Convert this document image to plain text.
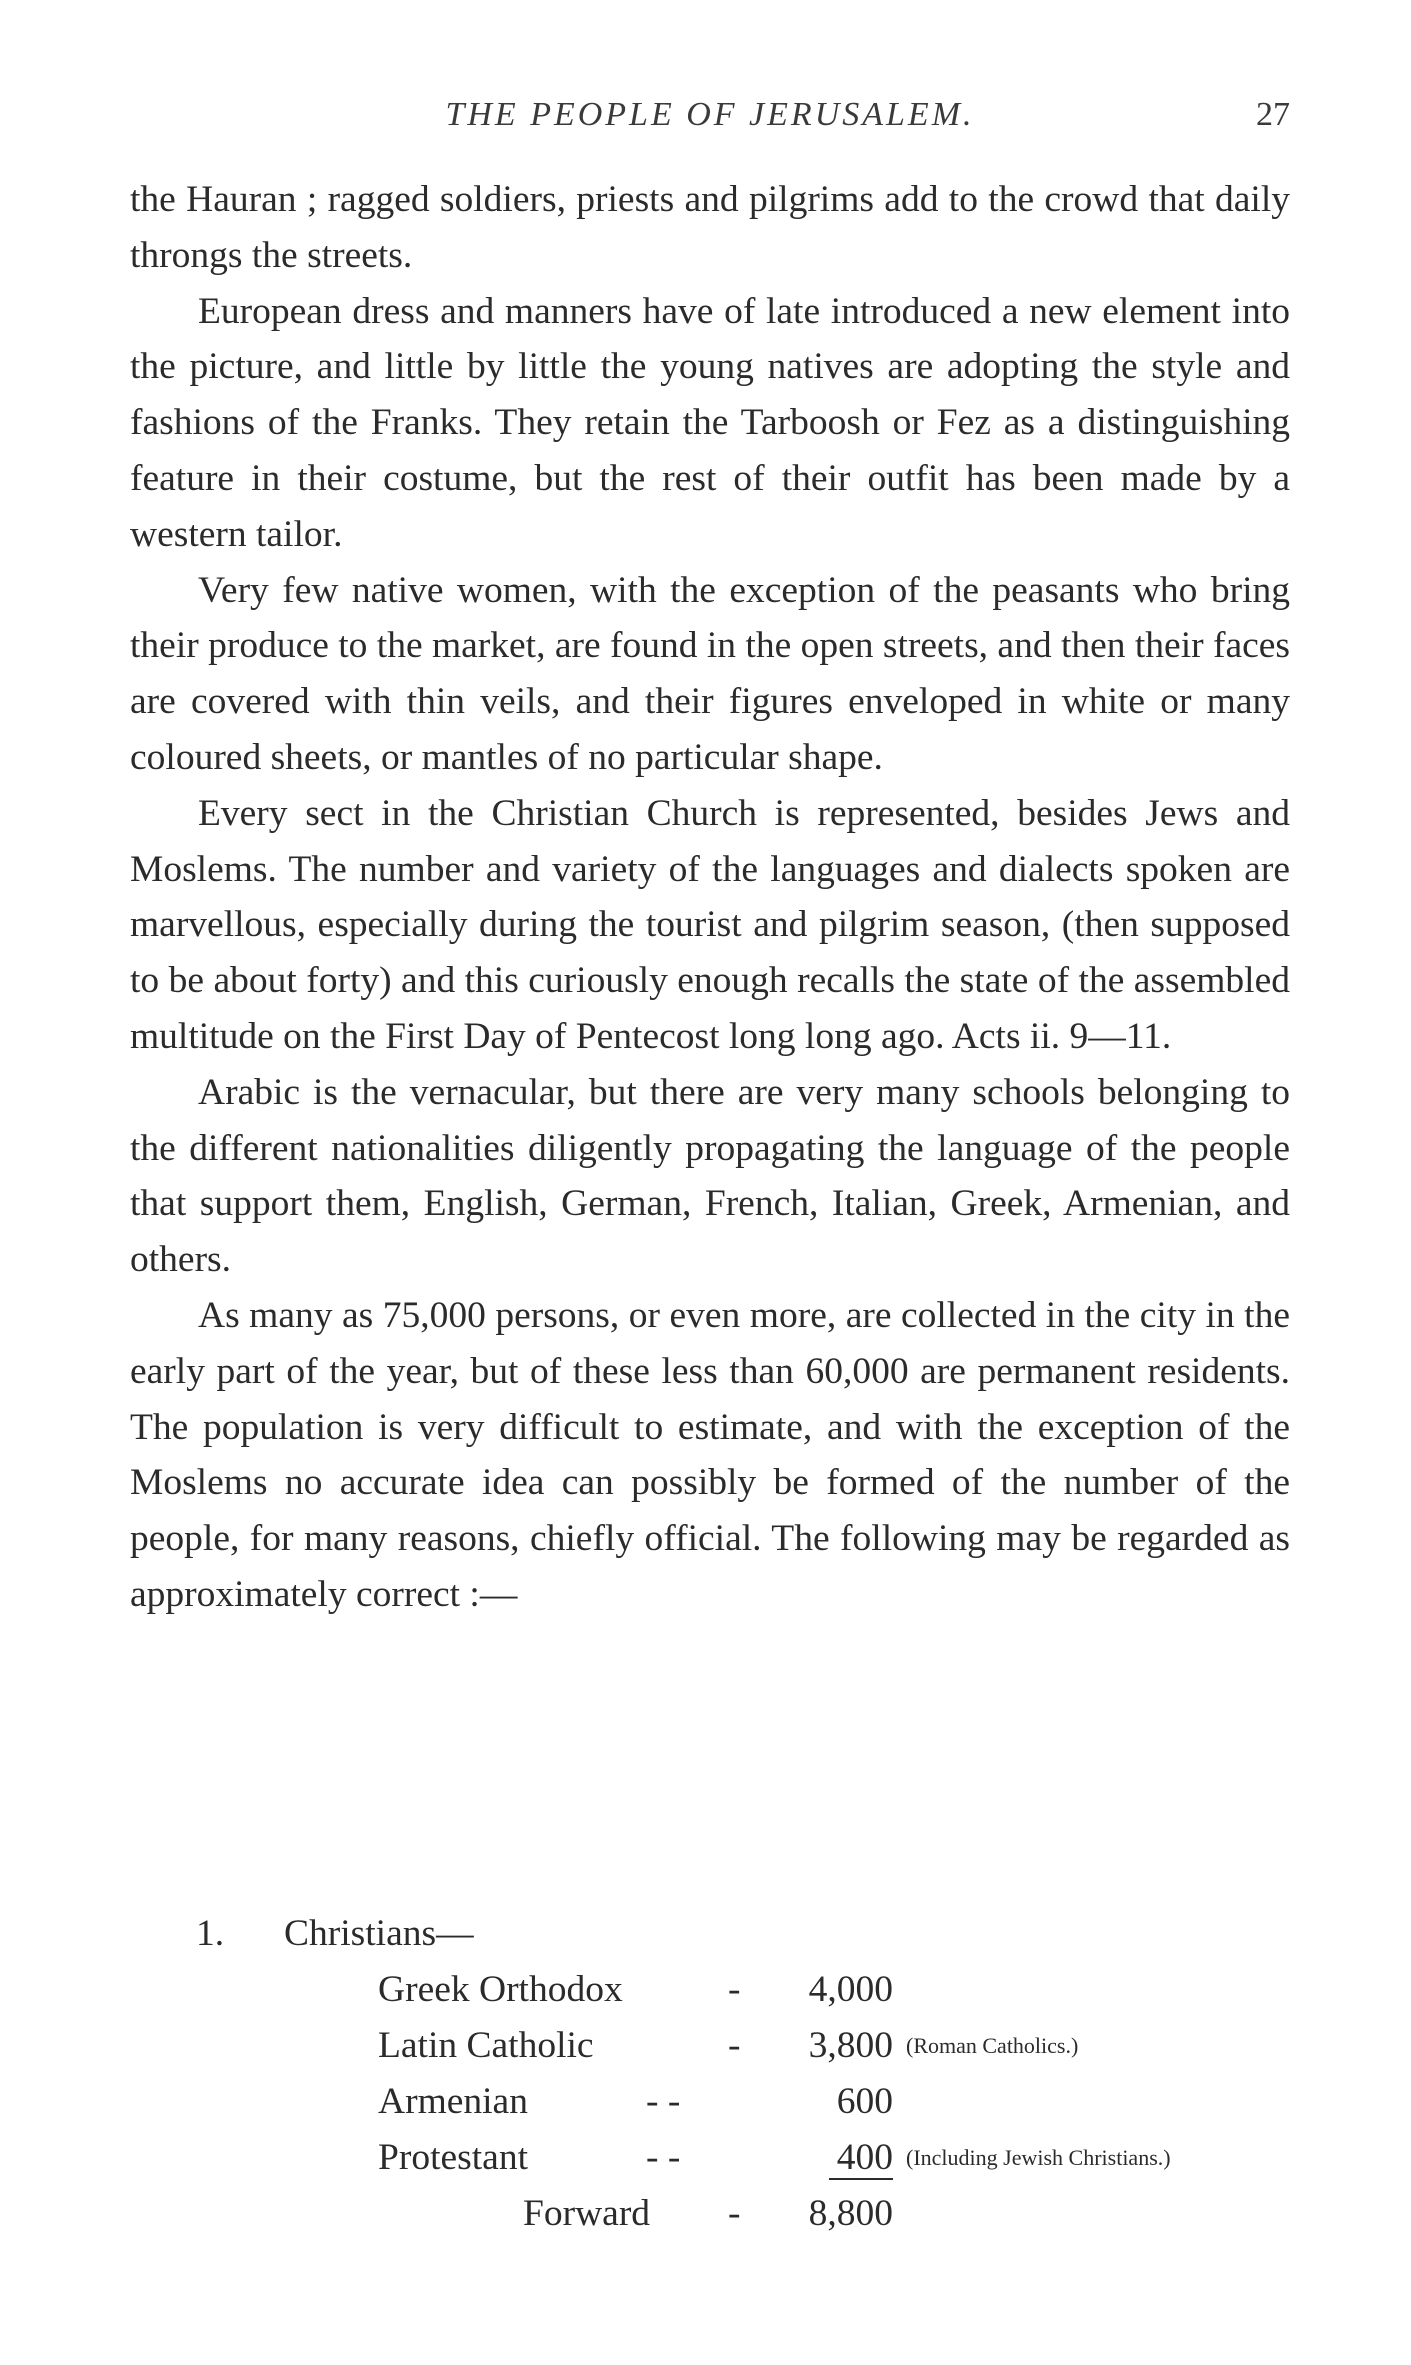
THE PEOPLE OF JERUSALEM.	27

the Hauran ; ragged soldiers, priests and pilgrims add to the crowd that daily throngs the streets.

European dress and manners have of late introduced a new element into the picture, and little by little the young natives are adopting the style and fashions of the Franks. They retain the Tarboosh or Fez as a distinguishing feature in their costume, but the rest of their outfit has been made by a western tailor.

Very few native women, with the exception of the peasants who bring their produce to the market, are found in the open streets, and then their faces are covered with thin veils, and their figures enveloped in white or many coloured sheets, or mantles of no particular shape.

Every sect in the Christian Church is represented, besides Jews and Moslems. The number and variety of the languages and dialects spoken are marvellous, especially during the tourist and pilgrim season, (then supposed to be about forty) and this curiously enough recalls the state of the assembled multitude on the First Day of Pentecost long long ago. Acts ii. 9—11.

Arabic is the vernacular, but there are very many schools belonging to the different nationalities diligently propagating the language of the people that support them, English, German, French, Italian, Greek, Armenian, and others.

As many as 75,000 persons, or even more, are collected in the city in the early part of the year, but of these less than 60,000 are permanent residents. The population is very difficult to estimate, and with the exception of the Moslems no accurate idea can possibly be formed of the number of the people, for many reasons, chiefly official. The following may be regarded as approximately correct :—

1. Christians—
Greek Orthodox	-	4,000
Latin Catholic	-	3,800 (Roman Catholics.)
Armenian	- -	600
Protestant	- -	400 (Including Jewish Christians.)
Forward -	8,800
